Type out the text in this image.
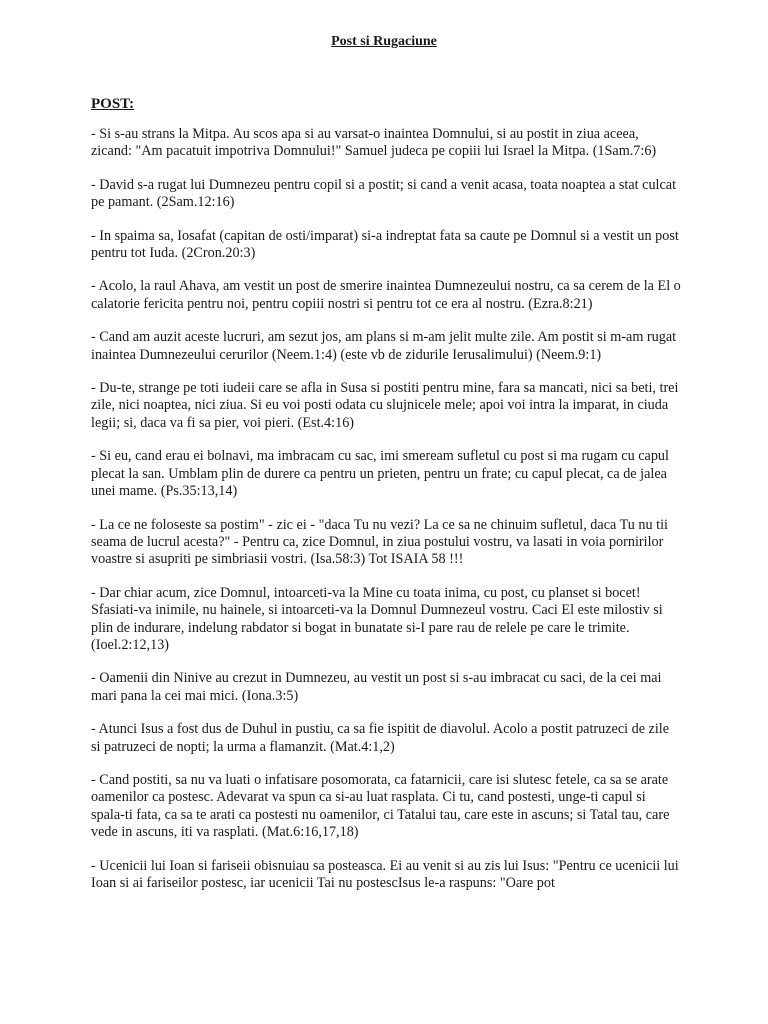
Post si Rugaciune
POST:

- Si s-au strans la Mitpa. Au scos apa si au varsat-o inaintea Domnului, si au postit in ziua aceea, zicand: "Am pacatuit impotriva Domnului!" Samuel judeca pe copiii lui Israel la Mitpa. (1Sam.7:6)

- David s-a rugat lui Dumnezeu pentru copil si a postit; si cand a venit acasa, toata noaptea a stat culcat pe pamant. (2Sam.12:16)

- In spaima sa, Iosafat (capitan de osti/imparat) si-a indreptat fata sa caute pe Domnul si a vestit un post pentru tot Iuda. (2Cron.20:3)

- Acolo, la raul Ahava, am vestit un post de smerire inaintea Dumnezeului nostru, ca sa cerem de la El o calatorie fericita pentru noi, pentru copiii nostri si pentru tot ce era al nostru. (Ezra.8:21)

- Cand am auzit aceste lucruri, am sezut jos, am plans si m-am jelit multe zile. Am postit si m-am rugat inaintea Dumnezeului cerurilor (Neem.1:4) (este vb de zidurile Ierusalimului) (Neem.9:1)

- Du-te, strange pe toti iudeii care se afla in Susa si postiti pentru mine, fara sa mancati, nici sa beti, trei zile, nici noaptea, nici ziua. Si eu voi posti odata cu slujnicele mele; apoi voi intra la imparat, in ciuda legii; si, daca va fi sa pier, voi pieri. (Est.4:16)

- Si eu, cand erau ei bolnavi, ma imbracam cu sac, imi smeream sufletul cu post si ma rugam cu capul plecat la san. Umblam plin de durere ca pentru un prieten, pentru un frate; cu capul plecat, ca de jalea unei mame. (Ps.35:13,14)

- La ce ne foloseste sa postim" - zic ei - "daca Tu nu vezi? La ce sa ne chinuim sufletul, daca Tu nu tii seama de lucrul acesta?" - Pentru ca, zice Domnul, in ziua postului vostru, va lasati in voia pornirilor voastre si asupriti pe simbriasii vostri. (Isa.58:3) Tot ISAIA 58 !!!

- Dar chiar acum, zice Domnul, intoarceti-va la Mine cu toata inima, cu post, cu planset si bocet! Sfasiati-va inimile, nu hainele, si intoarceti-va la Domnul Dumnezeul vostru. Caci El este milostiv si plin de indurare, indelung rabdator si bogat in bunatate si-I pare rau de relele pe care le trimite. (Ioel.2:12,13)

- Oamenii din Ninive au crezut in Dumnezeu, au vestit un post si s-au imbracat cu saci, de la cei mai mari pana la cei mai mici. (Iona.3:5)

- Atunci Isus a fost dus de Duhul in pustiu, ca sa fie ispitit de diavolul. Acolo a postit patruzeci de zile si patruzeci de nopti; la urma a flamanzit. (Mat.4:1,2)

- Cand postiti, sa nu va luati o infatisare posomorata, ca fatarnicii, care isi slutesc fetele, ca sa se arate oamenilor ca postesc. Adevarat va spun ca si-au luat rasplata. Ci tu, cand postesti, unge-ti capul si spala-ti fata, ca sa te arati ca postesti nu oamenilor, ci Tatalui tau, care este in ascuns; si Tatal tau, care vede in ascuns, iti va rasplati. (Mat.6:16,17,18)

- Ucenicii lui Ioan si fariseii obisnuiau sa posteasca. Ei au venit si au zis lui Isus: "Pentru ce ucenicii lui Ioan si ai fariseilor postesc, iar ucenicii Tai nu postescIsus le-a raspuns: "Oare pot
